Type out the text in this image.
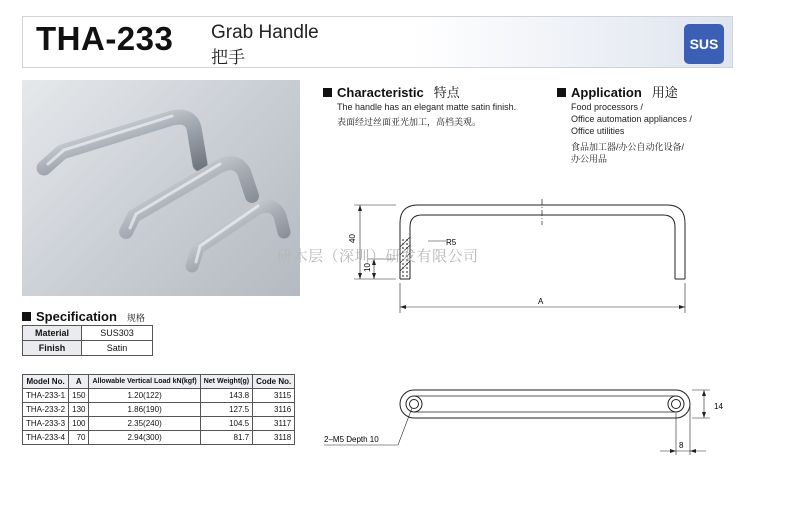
THA-233 Grab Handle
把手
SUS
Characteristic 特点
The handle has an elegant matte satin finish.
表面经过丝面亚光加工，高档美观。
Application 用途
Food processors /
Office automation appliances /
Office utilities
食品加工器/办公自动化设备/
办公用品
40
10
R5
A
14
8
2–M5 Depth 10
研木层（深圳）研发有限公司
Specification 规格
Material	SUS303
Finish	Satin
Model No.	A	Allowable Vertical Load kN(kgf)	Net Weight(g)	Code No.
THA-233-1	150	1.20(122)	143.8	3115
THA-233-2	130	1.86(190)	127.5	3116
THA-233-3	100	2.35(240)	104.5	3117
THA-233-4	70	2.94(300)	81.7	3118
